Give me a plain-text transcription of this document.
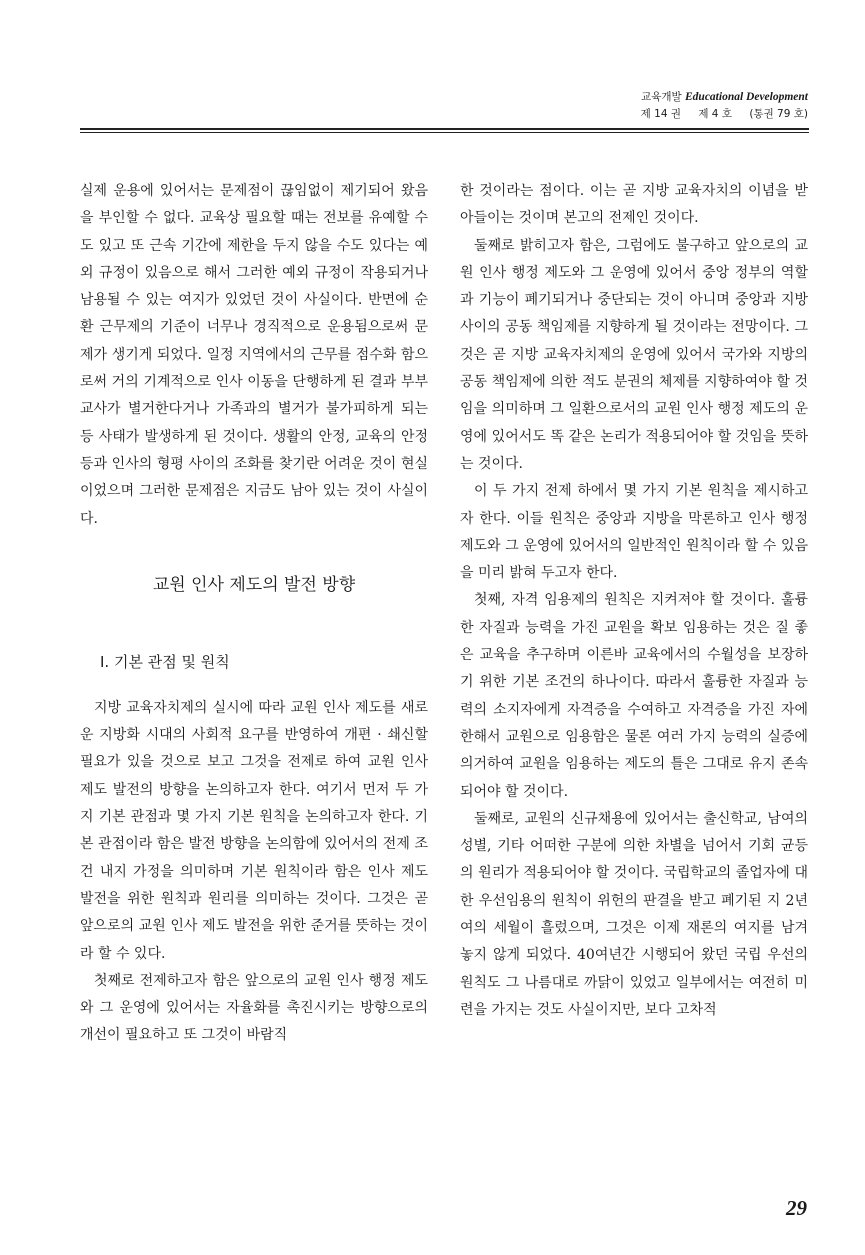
교육개발 Educational Development
제 14 권 제 4 호 (통권 79 호)

실제 운용에 있어서는 문제점이 끊임없이 제기되어 왔음을 부인할 수 없다. 교육상 필요할 때는 전보를 유예할 수도 있고 또 근속 기간에 제한을 두지 않을 수도 있다는 예외 규정이 있음으로 해서 그러한 예외 규정이 작용되거나 남용될 수 있는 여지가 있었던 것이 사실이다. 반면에 순환 근무제의 기준이 너무나 경직적으로 운용됨으로써 문제가 생기게 되었다. 일정 지역에서의 근무를 점수화 함으로써 거의 기계적으로 인사 이동을 단행하게 된 결과 부부교사가 별거한다거나 가족과의 별거가 불가피하게 되는 등 사태가 발생하게 된 것이다. 생활의 안정, 교육의 안정 등과 인사의 형평 사이의 조화를 찾기란 어려운 것이 현실이었으며 그러한 문제점은 지금도 남아 있는 것이 사실이다.

교원 인사 제도의 발전 방향
Ⅰ. 기본 관점 및 원칙

지방 교육자치제의 실시에 따라 교원 인사 제도를 새로운 지방화 시대의 사회적 요구를 반영하여 개편 · 쇄신할 필요가 있을 것으로 보고 그것을 전제로 하여 교원 인사 제도 발전의 방향을 논의하고자 한다. 여기서 먼저 두 가지 기본 관점과 몇 가지 기본 원칙을 논의하고자 한다. 기본 관점이라 함은 발전 방향을 논의함에 있어서의 전제 조건 내지 가정을 의미하며 기본 원칙이라 함은 인사 제도 발전을 위한 원칙과 원리를 의미하는 것이다. 그것은 곧 앞으로의 교원 인사 제도 발전을 위한 준거를 뜻하는 것이라 할 수 있다.

첫째로 전제하고자 함은 앞으로의 교원 인사 행정 제도와 그 운영에 있어서는 자율화를 촉진시키는 방향으로의 개선이 필요하고 또 그것이 바람직

한 것이라는 점이다. 이는 곧 지방 교육자치의 이념을 받아들이는 것이며 본고의 전제인 것이다.

둘째로 밝히고자 함은, 그럼에도 불구하고 앞으로의 교원 인사 행정 제도와 그 운영에 있어서 중앙 정부의 역할과 기능이 폐기되거나 중단되는 것이 아니며 중앙과 지방사이의 공동 책임제를 지향하게 될 것이라는 전망이다. 그것은 곧 지방 교육자치제의 운영에 있어서 국가와 지방의 공동 책임제에 의한 적도 분권의 체제를 지향하여야 할 것임을 의미하며 그 일환으로서의 교원 인사 행정 제도의 운영에 있어서도 똑 같은 논리가 적용되어야 할 것임을 뜻하는 것이다.

이 두 가지 전제 하에서 몇 가지 기본 원칙을 제시하고자 한다. 이들 원칙은 중앙과 지방을 막론하고 인사 행정 제도와 그 운영에 있어서의 일반적인 원칙이라 할 수 있음을 미리 밝혀 두고자 한다.

첫째, 자격 임용제의 원칙은 지켜져야 할 것이다. 훌륭한 자질과 능력을 가진 교원을 확보 임용하는 것은 질 좋은 교육을 추구하며 이른바 교육에서의 수월성을 보장하기 위한 기본 조건의 하나이다. 따라서 훌륭한 자질과 능력의 소지자에게 자격증을 수여하고 자격증을 가진 자에 한해서 교원으로 임용함은 물론 여러 가지 능력의 실증에 의거하여 교원을 임용하는 제도의 틀은 그대로 유지 존속 되어야 할 것이다.

둘째로, 교원의 신규채용에 있어서는 출신학교, 남여의 성별, 기타 어떠한 구분에 의한 차별을 넘어서 기회 균등의 원리가 적용되어야 할 것이다. 국립학교의 졸업자에 대한 우선임용의 원칙이 위헌의 판결을 받고 폐기된 지 2년여의 세월이 흘렀으며, 그것은 이제 재론의 여지를 남겨 놓지 않게 되었다. 40여년간 시행되어 왔던 국립 우선의 원칙도 그 나름대로 까닭이 있었고 일부에서는 여전히 미련을 가지는 것도 사실이지만, 보다 고차적

29
